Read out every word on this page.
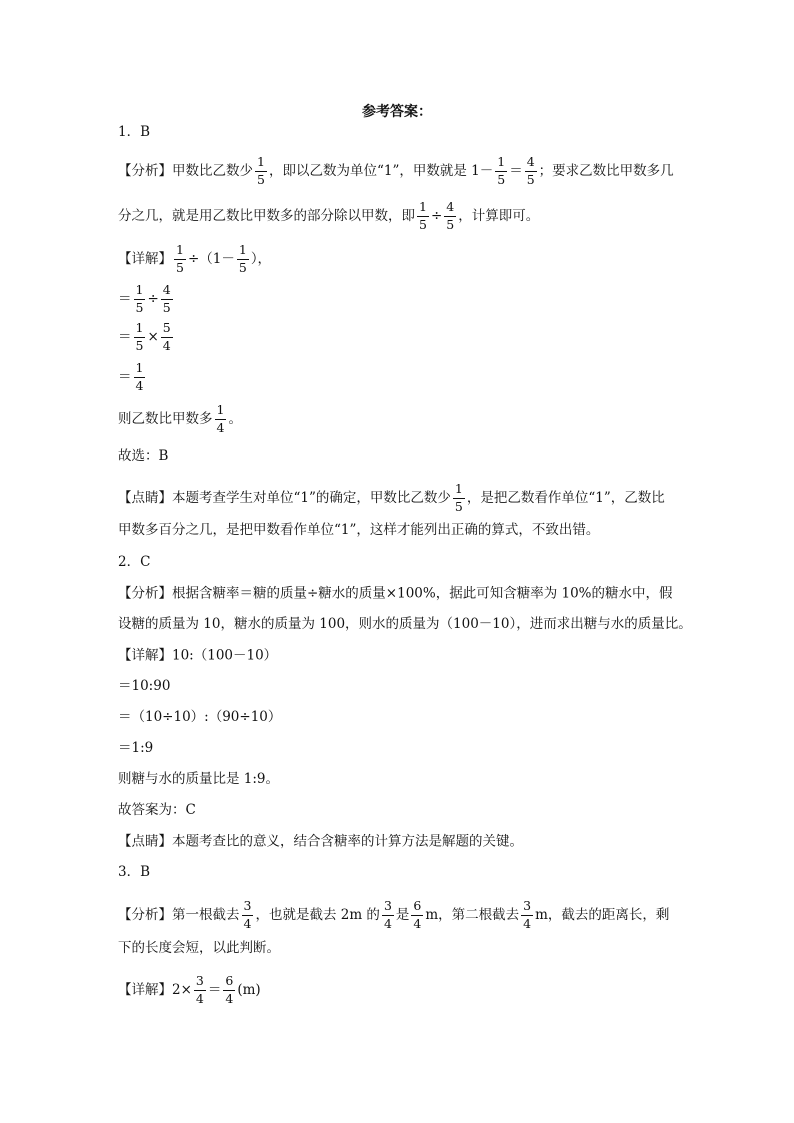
参考答案：
1．B
【分析】甲数比乙数少 $\frac{1}{5}$ ，即以乙数为单位“1”，甲数就是 $1- \frac{1}{5} = \frac{4}{5}$ ；要求乙数比甲数多几
分之几，就是用乙数比甲数多的部分除以甲数，即 $\frac{1}{5} \div \frac{4}{5}$ ，计算即可。
【详解】 $\frac{1}{5} \div(1- \frac{1}{5}$ ），
＝ $\frac{1}{5} \div \frac{4}{5}$
＝ $\frac{1}{5} \times \frac{5}{4}$
＝ $\frac{1}{4}$
则乙数比甲数多 $\frac{1}{4}$ 。
故选：B
【点睛】本题考查学生对单位“1”的确定，甲数比乙数少 $\frac{1}{5}$ ，是把乙数看作单位“1”，乙数比
甲数多百分之几，是把甲数看作单位“1”，这样才能列出正确的算式，不致出错。
2．C
【分析】根据含糖率＝糖的质量÷糖水的质量×100%，据此可知含糖率为 10%的糖水中，假
设糖的质量为 10，糖水的质量为 100，则水的质量为（100－10），进而求出糖与水的质量比。
【详解】10:（100－10）
＝10:90
＝（10÷10）:（90÷10）
＝1:9
则糖与水的质量比是 1:9。
故答案为：C
【点睛】本题考查比的意义，结合含糖率的计算方法是解题的关键。
3．B
【分析】第一根截去 $\frac{3}{4}$ ，也就是截去 2m 的 $\frac{3}{4}$ 是 $\frac{6}{4}$ m，第二根截去 $\frac{3}{4}$ m，截去的距离长，剩
下的长度会短，以此判断。
【详解】$2\times \frac{3}{4} = \frac{6}{4} (m)$
